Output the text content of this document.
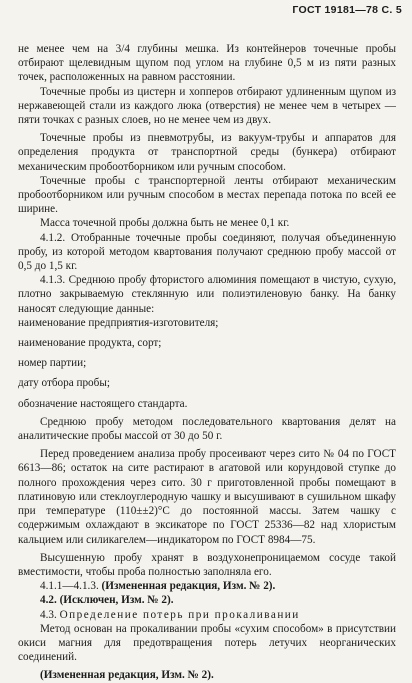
ГОСТ 19181—78 С. 5

не менее чем на 3/4 глубины мешка. Из контейнеров точечные пробы отбирают щелевидным щупом под углом на глубине 0,5 м из пяти разных точек, расположенных на равном расстоянии.

Точечные пробы из цистерн и хопперов отбирают удлиненным щупом из нержавеющей стали из каждого люка (отверстия) не менее чем в четырех — пяти точках с разных слоев, но не менее чем из двух.

Точечные пробы из пневмотрубы, из вакуум-трубы и аппаратов для определения продукта от транспортной среды (бункера) отбирают механическим пробоотборником или ручным способом.

Точечные пробы с транспортерной ленты отбирают механическим пробоотборником или ручным способом в местах перепада потока по всей ее ширине.

Масса точечной пробы должна быть не менее 0,1 кг.

4.1.2. Отобранные точечные пробы соединяют, получая объединенную пробу, из которой методом квартования получают среднюю пробу массой от 0,5 до 1,5 кг.

4.1.3. Среднюю пробу фтористого алюминия помещают в чистую, сухую, плотно закрываемую стеклянную или полиэтиленовую банку. На банку наносят следующие данные:

наименование предприятия-изготовителя;

наименование продукта, сорт;

номер партии;

дату отбора пробы;

обозначение настоящего стандарта.

Среднюю пробу методом последовательного квартования делят на аналитические пробы массой от 30 до 50 г.

Перед проведением анализа пробу просеивают через сито № 04 по ГОСТ 6613—86; остаток на сите растирают в агатовой или корундовой ступке до полного прохождения через сито. 30 г приготовленной пробы помещают в платиновую или стеклоуглеродную чашку и высушивают в сушильном шкафу при температуре (110±±2)°С до постоянной массы. Затем чашку с содержимым охлаждают в эксикаторе по ГОСТ 25336—82 над хлористым кальцием или силикагелем—индикатором по ГОСТ 8984—75.

Высушенную пробу хранят в воздухонепроницаемом сосуде такой вместимости, чтобы проба полностью заполняла его.

4.1.1—4.1.3. (Измененная редакция, Изм. № 2).

4.2. (Исключен, Изм. № 2).

4.3. Определение потерь при прокаливании

Метод основан на прокаливании пробы «сухим способом» в присутствии окиси магния для предотвращения потерь летучих неорганических соединений.

(Измененная редакция, Изм. № 2).
